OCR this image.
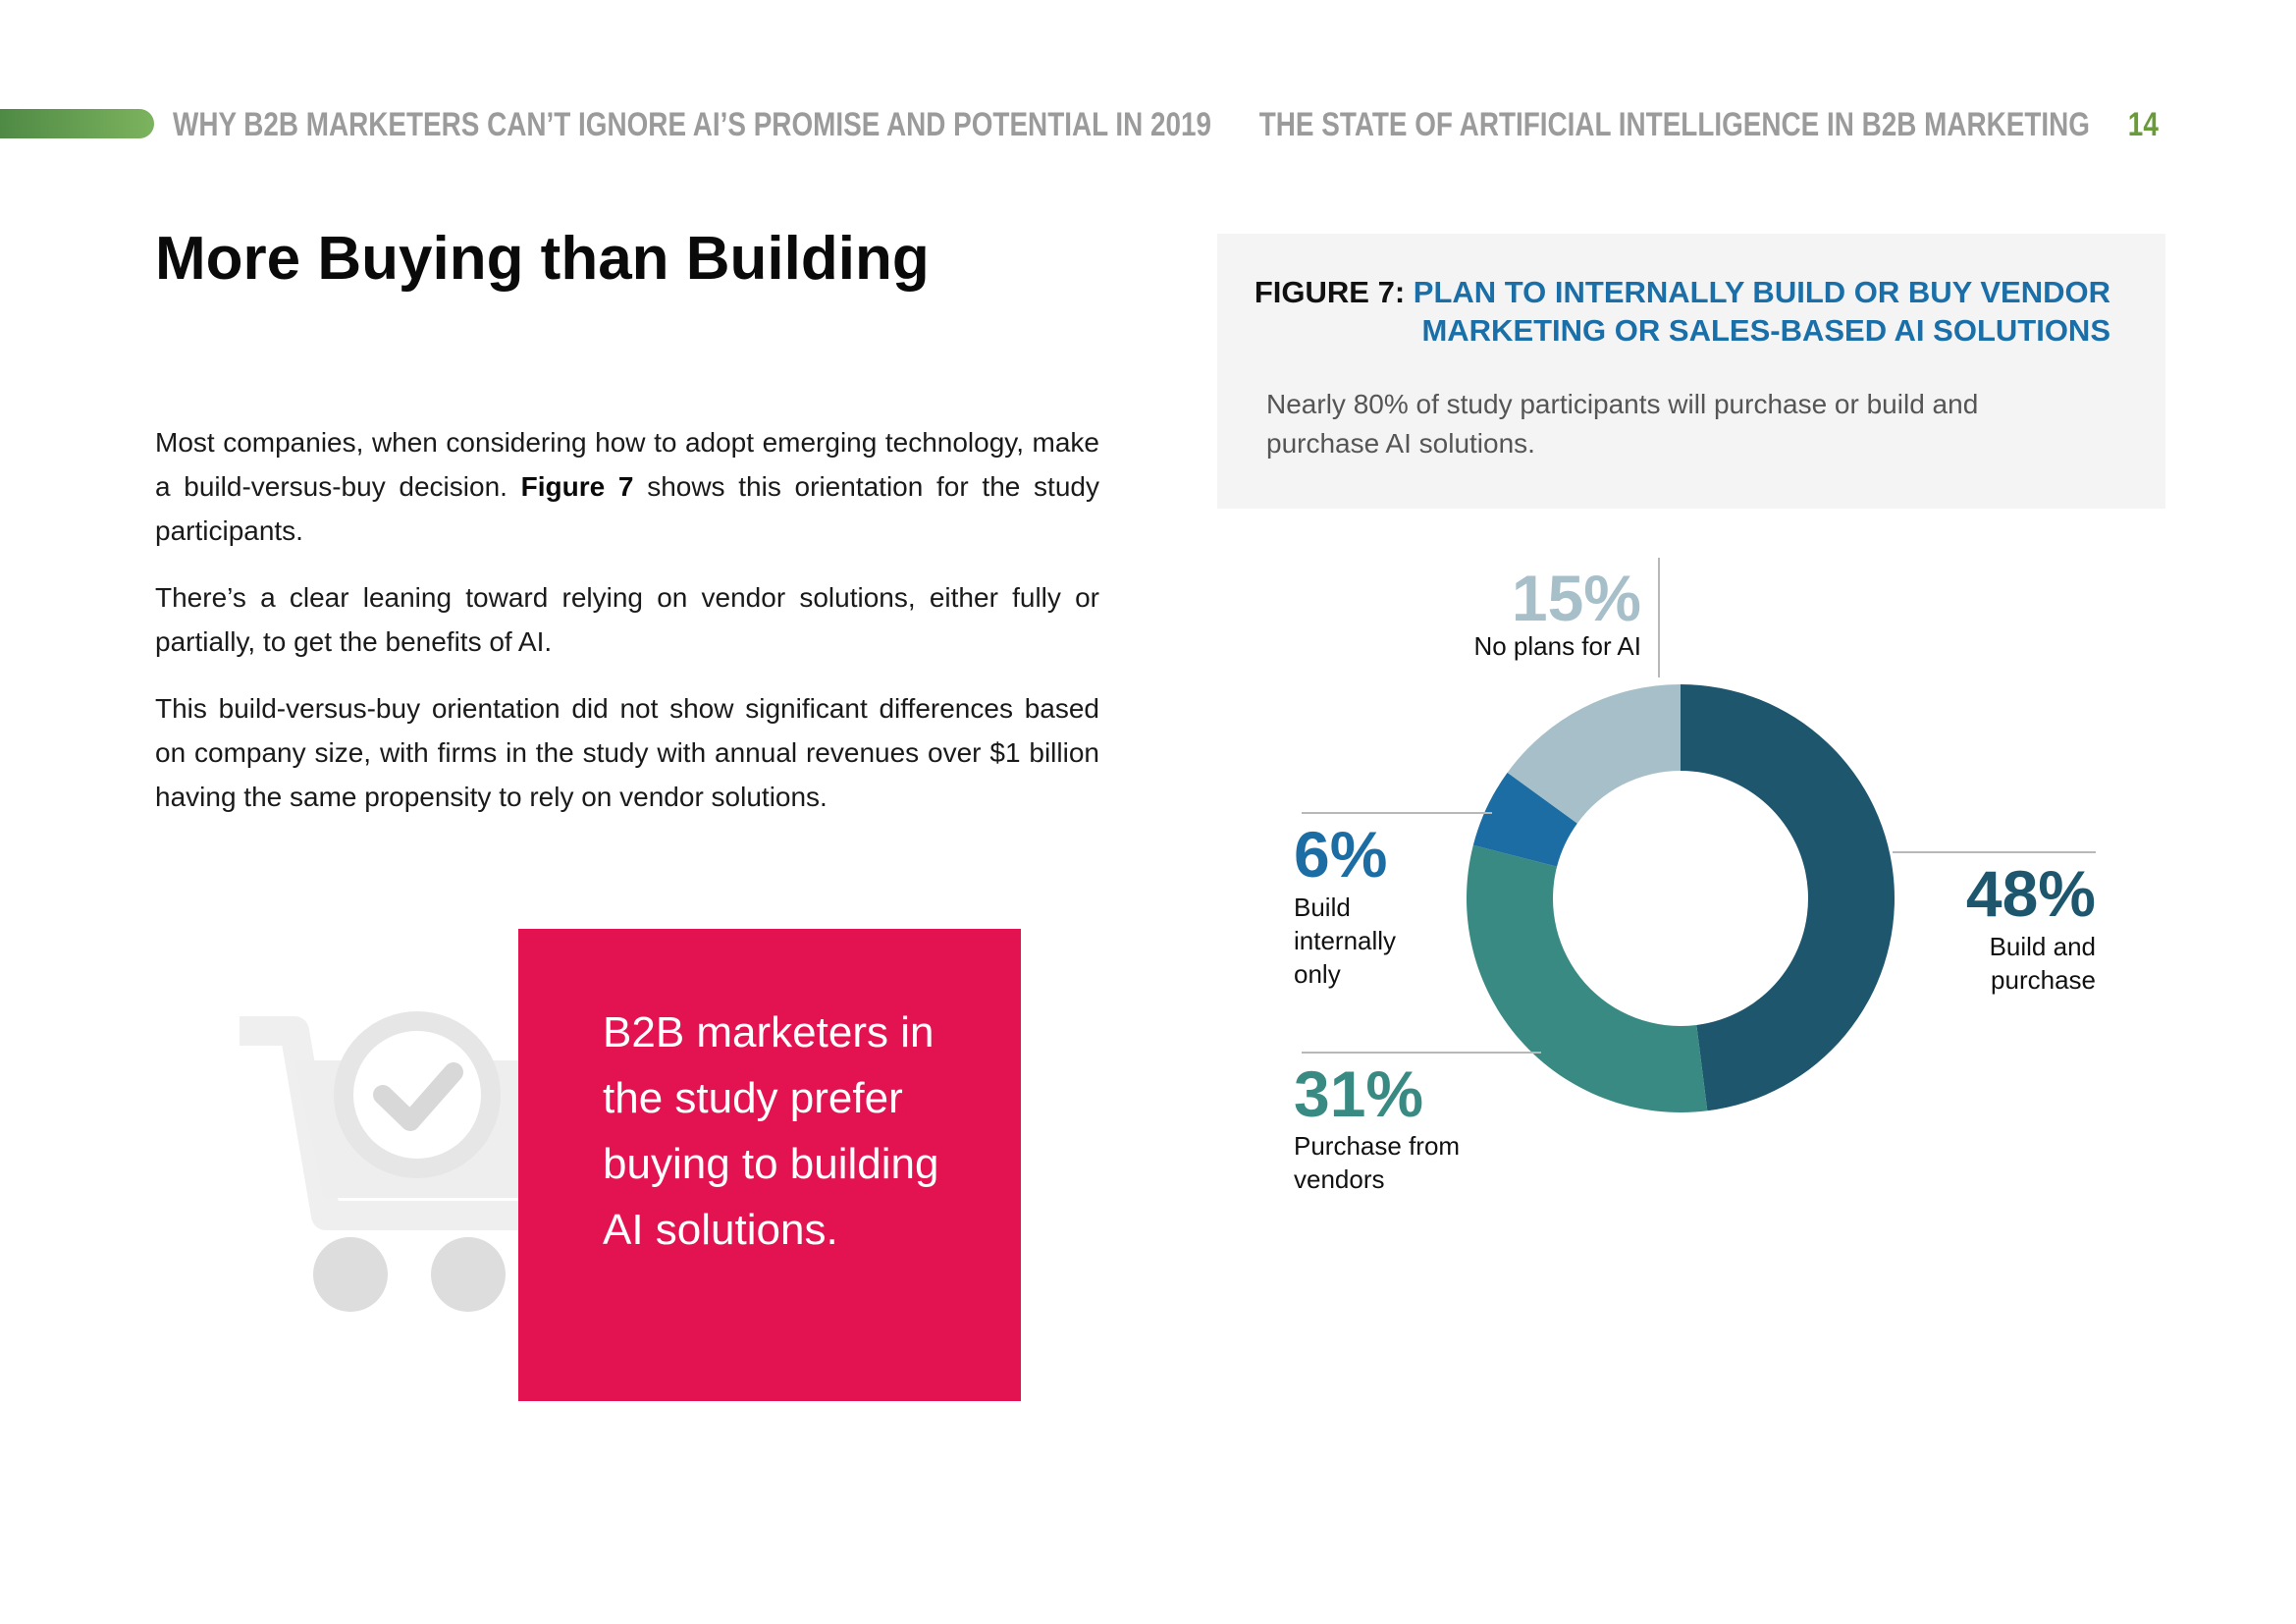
WHY B2B MARKETERS CAN’T IGNORE AI’S PROMISE AND POTENTIAL IN 2019 THE STATE OF ARTIFICIAL INTELLIGENCE IN B2B MARKETING 14
More Buying than Building

Most companies, when considering how to adopt emerging technology, make a build-versus-buy decision. Figure 7 shows this orientation for the study participants.

There’s a clear leaning toward relying on vendor solutions, either fully or partially, to get the benefits of AI.

This build-versus-buy orientation did not show significant differences based on company size, with firms in the study with annual revenues over $1 billion having the same propensity to rely on vendor solutions.

B2B marketers in the study prefer buying to building AI solutions.
FIGURE 7: PLAN TO INTERNALLY BUILD OR BUY VENDOR MARKETING OR SALES-BASED AI SOLUTIONS
Nearly 80% of study participants will purchase or build and purchase AI solutions.
15%
No plans for AI
6%
Build
internally
only
31%
Purchase from
vendors
48%
Build and
purchase
